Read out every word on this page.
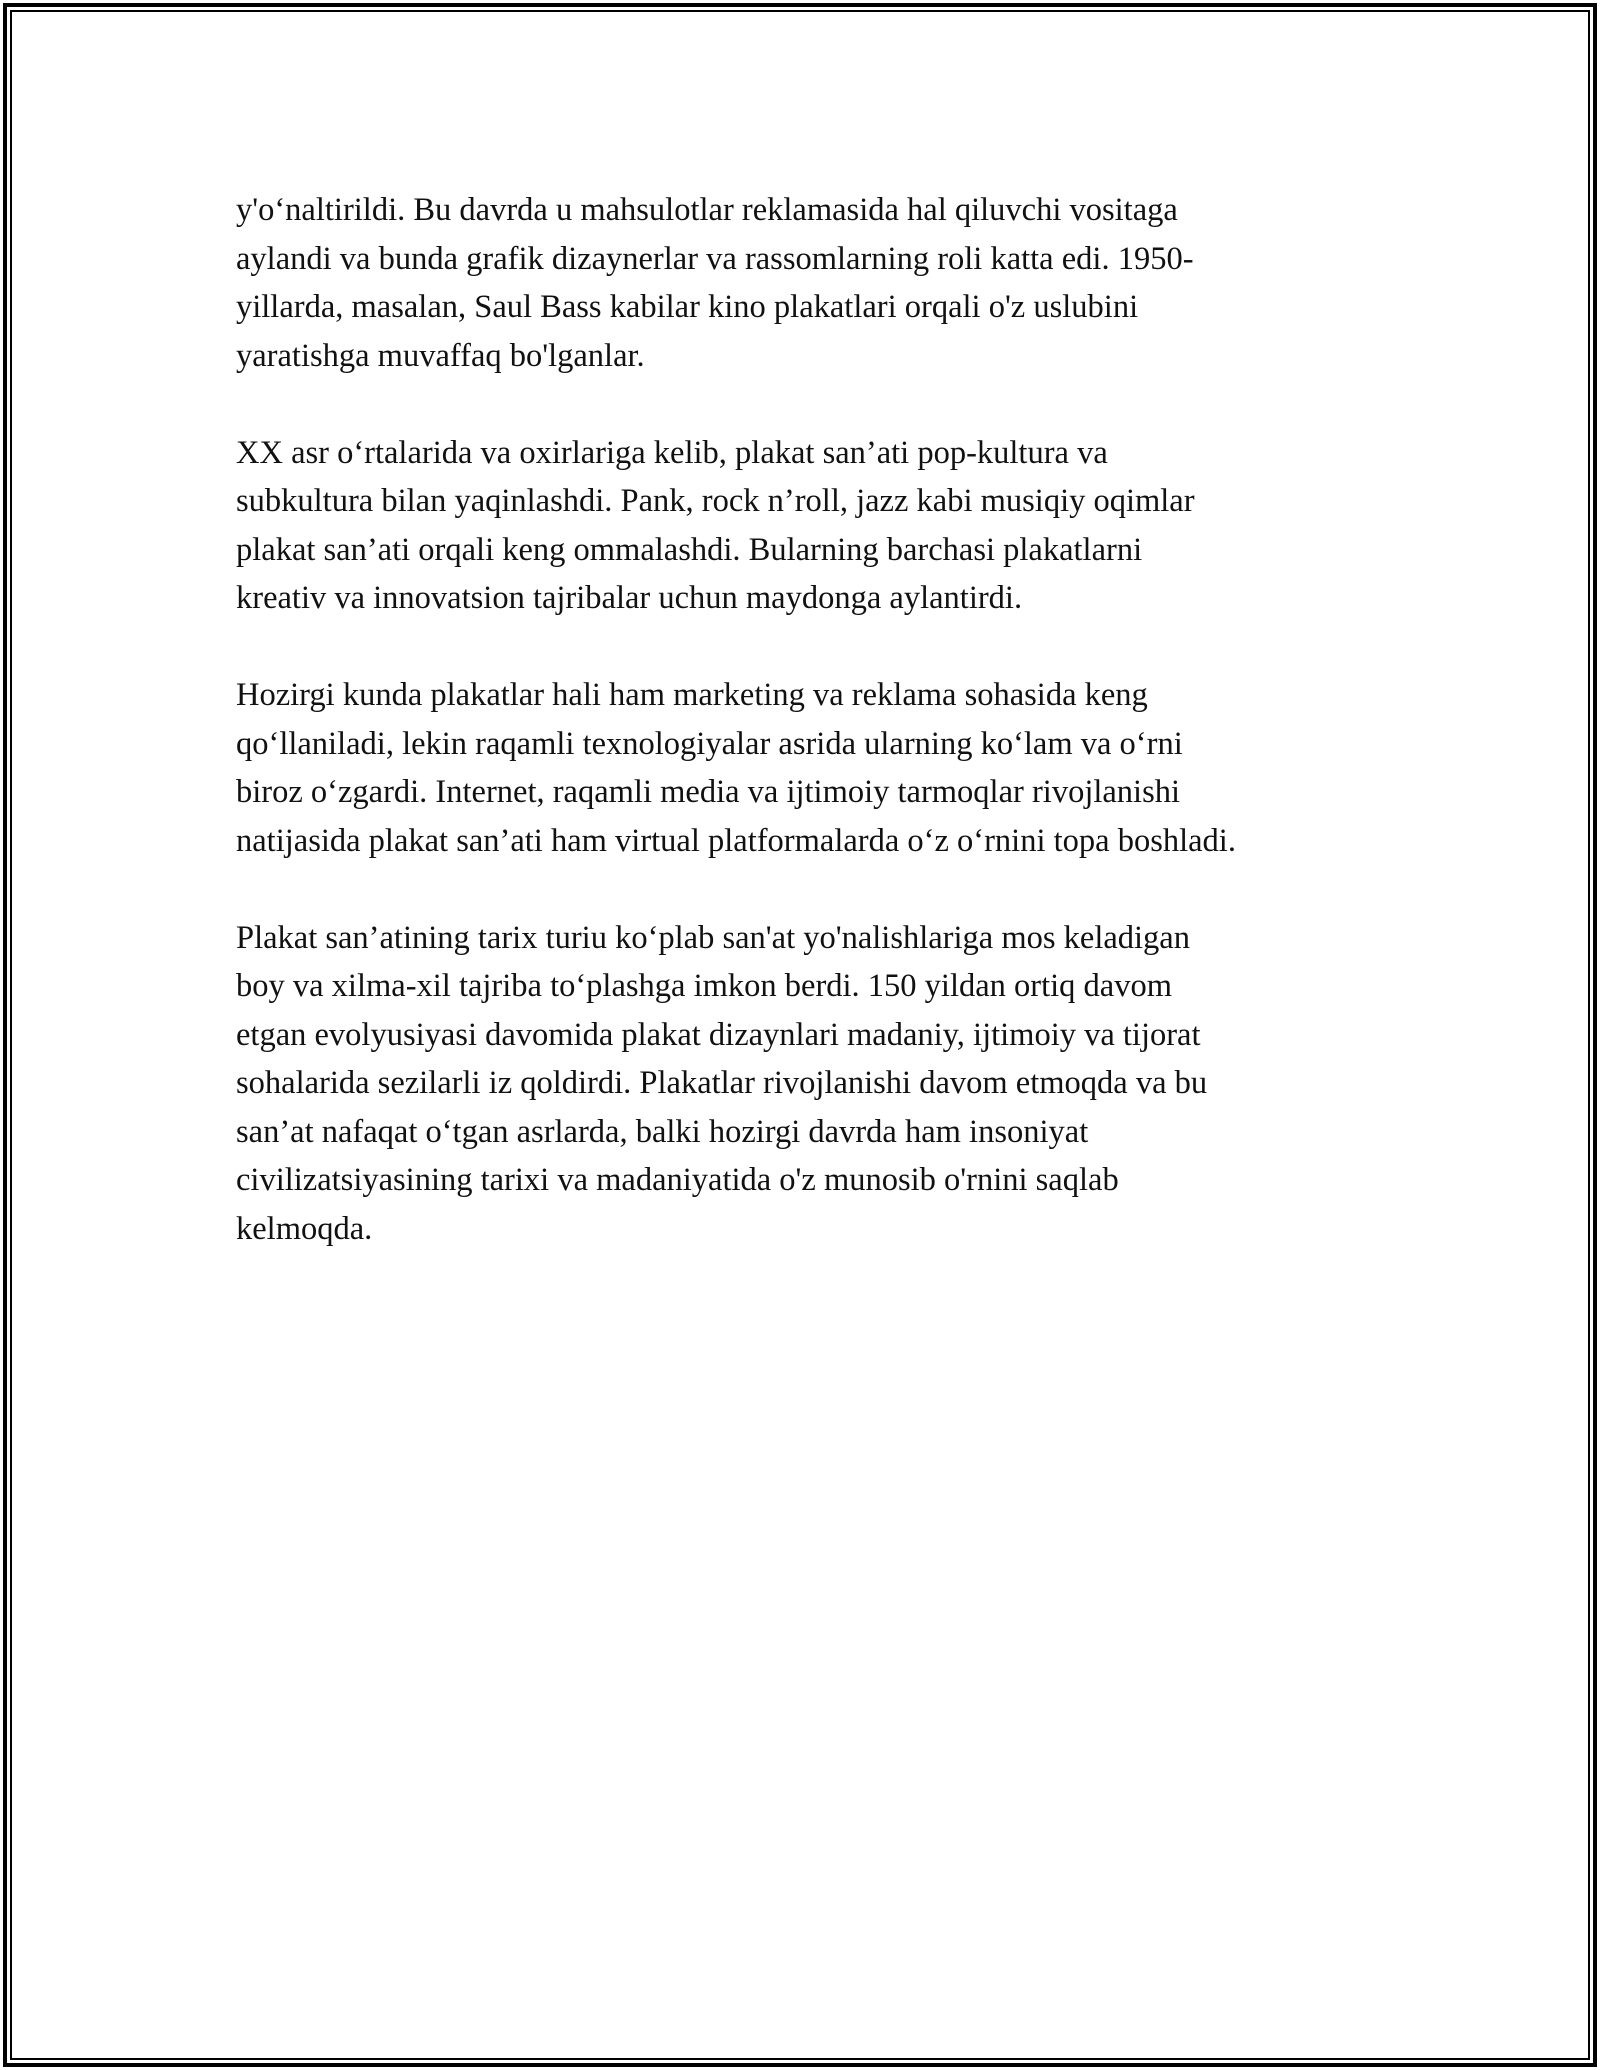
y'o‘naltirildi. Bu davrda u mahsulotlar reklamasida hal qiluvchi vositaga
aylandi va bunda grafik dizaynerlar va rassomlarning roli katta edi. 1950-
yillarda, masalan, Saul Bass kabilar kino plakatlari orqali o'z uslubini
yaratishga muvaffaq bo'lganlar.

XX asr o‘rtalarida va oxirlariga kelib, plakat san’ati pop-kultura va
subkultura bilan yaqinlashdi. Pank, rock n’roll, jazz kabi musiqiy oqimlar
plakat san’ati orqali keng ommalashdi. Bularning barchasi plakatlarni
kreativ va innovatsion tajribalar uchun maydonga aylantirdi.

Hozirgi kunda plakatlar hali ham marketing va reklama sohasida keng
qo‘llaniladi, lekin raqamli texnologiyalar asrida ularning ko‘lam va o‘rni
biroz o‘zgardi. Internet, raqamli media va ijtimoiy tarmoqlar rivojlanishi
natijasida plakat san’ati ham virtual platformalarda o‘z o‘rnini topa boshladi.

Plakat san’atining tarix turiu ko‘plab san'at yo'nalishlariga mos keladigan
boy va xilma-xil tajriba to‘plashga imkon berdi. 150 yildan ortiq davom
etgan evolyusiyasi davomida plakat dizaynlari madaniy, ijtimoiy va tijorat
sohalarida sezilarli iz qoldirdi. Plakatlar rivojlanishi davom etmoqda va bu
san’at nafaqat o‘tgan asrlarda, balki hozirgi davrda ham insoniyat
civilizatsiyasining tarixi va madaniyatida o'z munosib o'rnini saqlab
kelmoqda.
